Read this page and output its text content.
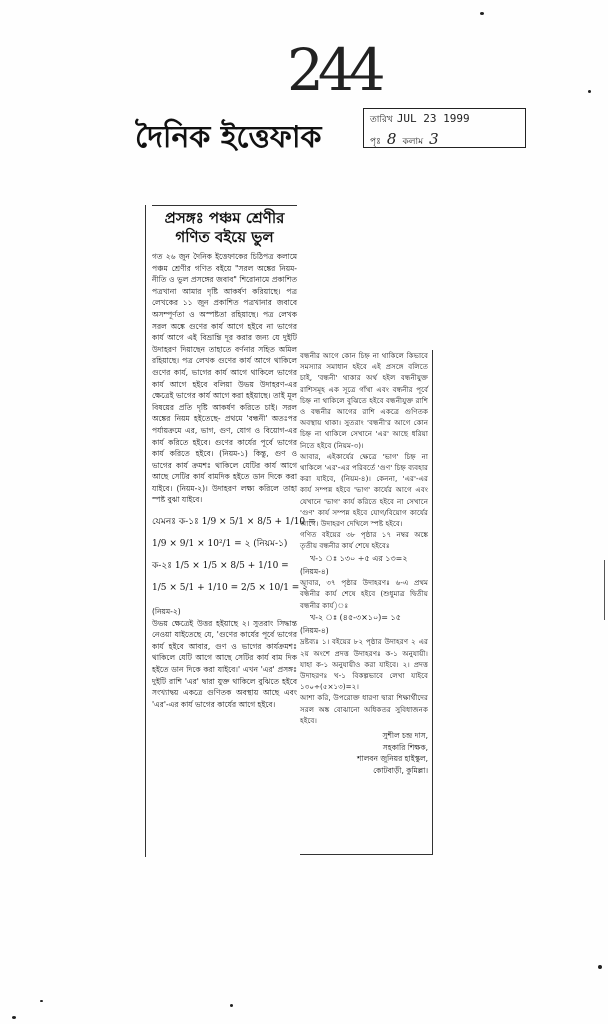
244
দৈনিক ইত্তেফাক	তারিখ JUL 23 1999
পৃঃ 8 কলাম 3
প্রসঙ্গঃ পঞ্চম শ্রেণীর গণিত বইয়ে ভুল
গত ২৬ জুন দৈনিক ইত্তেফাকের চিঠিপত্র কলামে পঞ্চম শ্রেণীর গণিত বইয়ে "সরল অঙ্কের নিয়ম-নীতি ও ভুল প্রসঙ্গের জবাব" শিরোনামে প্রকাশিত পত্রখানা আমার দৃষ্টি আকর্ষণ করিয়াছে। পত্র লেখকের ১১ জুন প্রকাশিত পত্রখানার জবাবে অসম্পূর্ণতা ও অস্পষ্টতা রহিয়াছে। পত্র লেখক সরল অঙ্কে গুণের কার্য আগে হইবে না ভাগের কার্য আগে এই বিভ্রান্তি দূর করার জন্য যে দুইটি উদাহরণ দিয়াছেন তাহাতে বর্ণনার সহিত অমিল রহিয়াছে। পত্র লেখক গুণের কার্য আগে থাকিলে গুণের কার্য, ভাগের কার্য আগে থাকিলে ভাগের কার্য আগে হইবে বলিয়া উভয় উদাহরণ-এর ক্ষেত্রেই ভাগের কার্য আগে করা হইয়াছে। তাই মূল বিষয়ের প্রতি দৃষ্টি আকর্ষণ করিতে চাই। সরল অঙ্কের নিয়ম হইতেছে- প্রথমে 'বন্ধনী' অতঃপর পর্যায়ক্রমে এর, ভাগ, গুণ, যোগ ও বিয়োগ-এর কার্য করিতে হইবে। গুণের কার্যের পূর্বে ভাগের কার্য করিতে হইবে। (নিয়ম-১) কিন্তু, গুণ ও ভাগের কার্য ক্রমশঃ থাকিলে যেটির কার্য আগে আছে সেটির কার্য বামদিক হইতে ডান দিকে করা যাইবে। (নিয়ম-২)। উদাহরণ লক্ষ্য করিলে তাহা স্পষ্ট বুঝা যাইবে।
যেমনঃ ক-১ঃ 1/9 × 5/1 × 8/5 + 1/10 =
1/9 × 9/1 × 10²/1 = ২ (নিয়ম-১)
ক-২ঃ 1/5 × 1/5 × 8/5 + 1/10 =
1/5 × 5/1 + 1/10 = 2/5 × 10/1 = ২
(নিয়ম-২)
উভয় ক্ষেত্রেই উত্তর হইয়াছে ২। সুতরাং সিদ্ধান্ত নেওয়া যাইতেছে যে, 'গুণের কার্যের পূর্বে ভাগের কার্য হইবে আবার, গুণ ও ভাগের কার্যক্রমশঃ থাকিলে যেটি আগে আছে সেটির কার্য বাম দিক হইতে ডান দিকে করা যাইবে।' এখন 'এর' প্রসঙ্গঃ দুইটি রাশি 'এর' দ্বারা যুক্ত থাকিলে বুঝিতে হইবে সংখ্যাদ্বয় একত্রে গুণিতক অবস্থায় আছে এবং 'এর'-এর কার্য ভাগের কার্যের আগে হইবে।
বন্ধনীর আগে কোন চিহ্ন না থাকিলে কিভাবে সমস্যার সমাধান হইবে এই প্রসঙ্গে বলিতে চাই, 'বন্ধনী' থাকার অর্থ হইল বন্ধনীযুক্ত রাশিসমূহ এক সূত্রে গাঁথা এবং বন্ধনীর পূর্বে চিহ্ন না থাকিলে বুঝিতে হইবে বন্ধনীযুক্ত রাশি ও বন্ধনীর আগের রাশি একত্রে গুণিতক অবস্থায় থাকা। সুতরাং 'বন্ধনী'র আগে কোন চিহ্ন না থাকিলে সেখানে 'এর' আছে ধরিয়া নিতে হইবে (নিয়ম-৩)।
আবার, এইকার্যের ক্ষেত্রে 'ভাগ' চিহ্ন না থাকিলে 'এর'-এর পরিবর্তে 'গুণ' চিহ্ন ব্যবহার করা যাইবে, (নিয়ম-৪)। কেননা, 'এর'-এর কার্য সম্পন্ন হইবে 'ভাগ' কার্যের আগে এবং যেখানে 'ভাগ' কার্য করিতে হইবে না সেখানে 'গুণ' কার্য সম্পন্ন হইবে যোগ/বিয়োগ কার্যের আগে। উদাহরণ দেখিলে স্পষ্ট হইবে।
গণিত বইয়ের ৩৮ পৃষ্ঠার ১৭ নম্বর অঙ্কে তৃতীয় বন্ধনীর কার্য শেষে হইবেঃ
খ-১ ঃ ১৩০ ÷৫ এর ১৩=২
(নিয়ম-৪)
আবার, ৩৭ পৃষ্ঠার উদাহরণঃ ৬-এ প্রথম বন্ধনীর কার্য শেষে হইবে (শুধুমাত্র দ্বিতীয় বন্ধনীর কার্য)ঃ
খ-২ ঃ (৪৫-৩×১০)= ১৫
(নিয়ম-৪)
দ্রষ্টব্যঃ ১। বইয়ের ৮২ পৃষ্ঠার উদাহরণ ২ এর ২য় অংশে প্রদত্ত উদাহরণঃ ক-১ অনুযায়ী। যাহা ক-১ অনুযায়ীও করা যাইবে। ২। প্রদত্ত উদাহরণঃ খ-১ বিকল্পভাবে লেখা যাইবে ১৩০÷(৫×১৩)=২।
আশা করি, উপরোক্ত ধারণা দ্বারা শিক্ষার্থীদের সরল অঙ্ক বোঝানো অধিকতর সুবিধাজনক হইবে।
সুশীল চন্দ্র দাস,
সহকারি শিক্ষক,
শালবন জুনিয়র হাইস্কুল,
কোটবাড়ী, কুমিল্লা।
